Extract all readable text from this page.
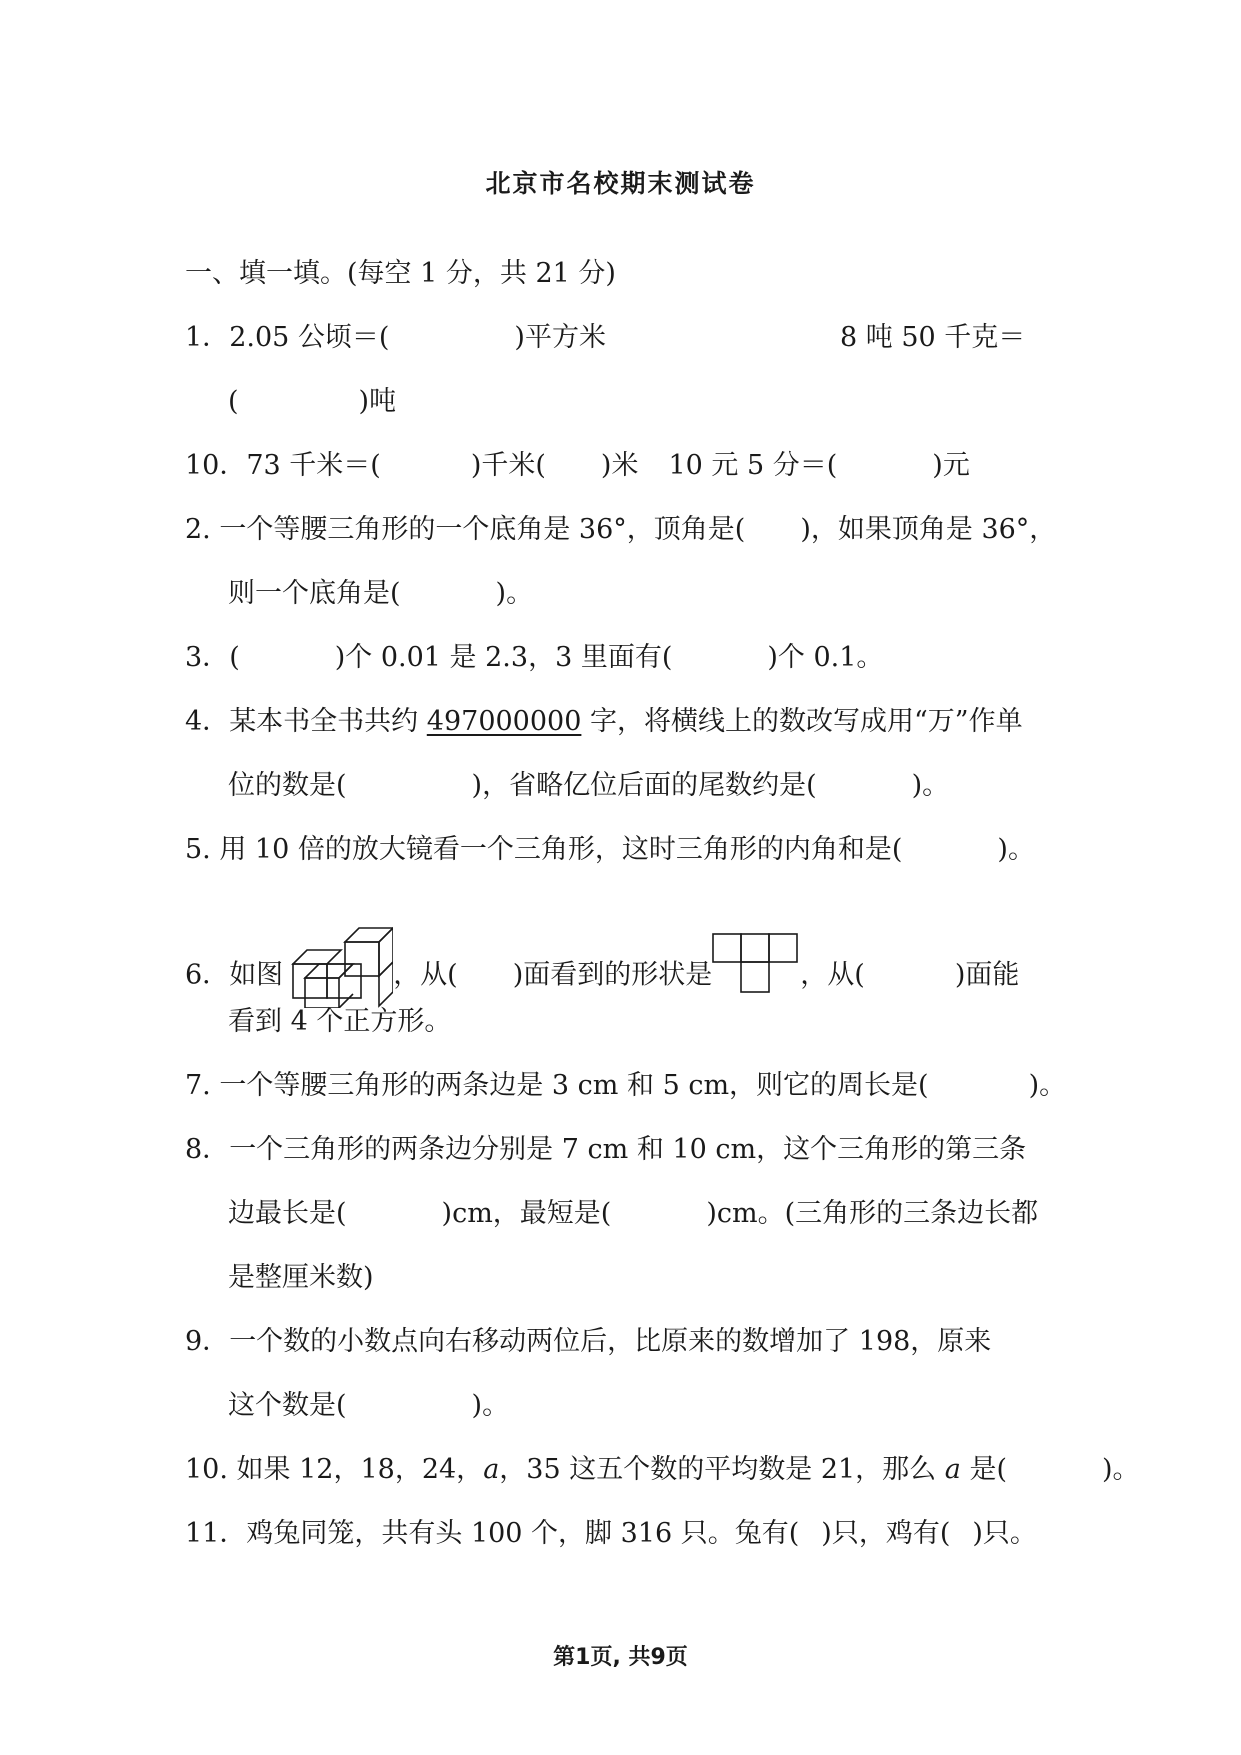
北京市名校期末测试卷
一、填一填。(每空 1 分，共 21 分)
1．2.05 公顷＝(	)平方米	8 吨 50 千克＝
(	)吨
10．73 千米＝(	)千米( )米 10 元 5 分＝(	)元
2. 一个等腰三角形的一个底角是 36°，顶角是( )，如果顶角是 36°，
则一个底角是(	)。
3．(	)个 0.01 是 2.3，3 里面有(	)个 0.1。
4．某本书全书共约 497000000 字，将横线上的数改写成用“万”作单
位的数是(	)，省略亿位后面的尾数约是(	)。
5. 用 10 倍的放大镜看一个三角形，这时三角形的内角和是(	)。
6．如图	，从( )面看到的形状是	，从(	)面能
看到 4 个正方形。
7. 一个等腰三角形的两条边是 3 cm 和 5 cm，则它的周长是(	)。
8．一个三角形的两条边分别是 7 cm 和 10 cm，这个三角形的第三条
边最长是(	)cm，最短是(	)cm。(三角形的三条边长都
是整厘米数)
9．一个数的小数点向右移动两位后，比原来的数增加了 198，原来
这个数是(	)。
10. 如果 12，18，24，a，35 这五个数的平均数是 21，那么 a 是(	)。
11．鸡兔同笼，共有头 100 个，脚 316 只。兔有( )只，鸡有( )只。
第1页, 共9页
